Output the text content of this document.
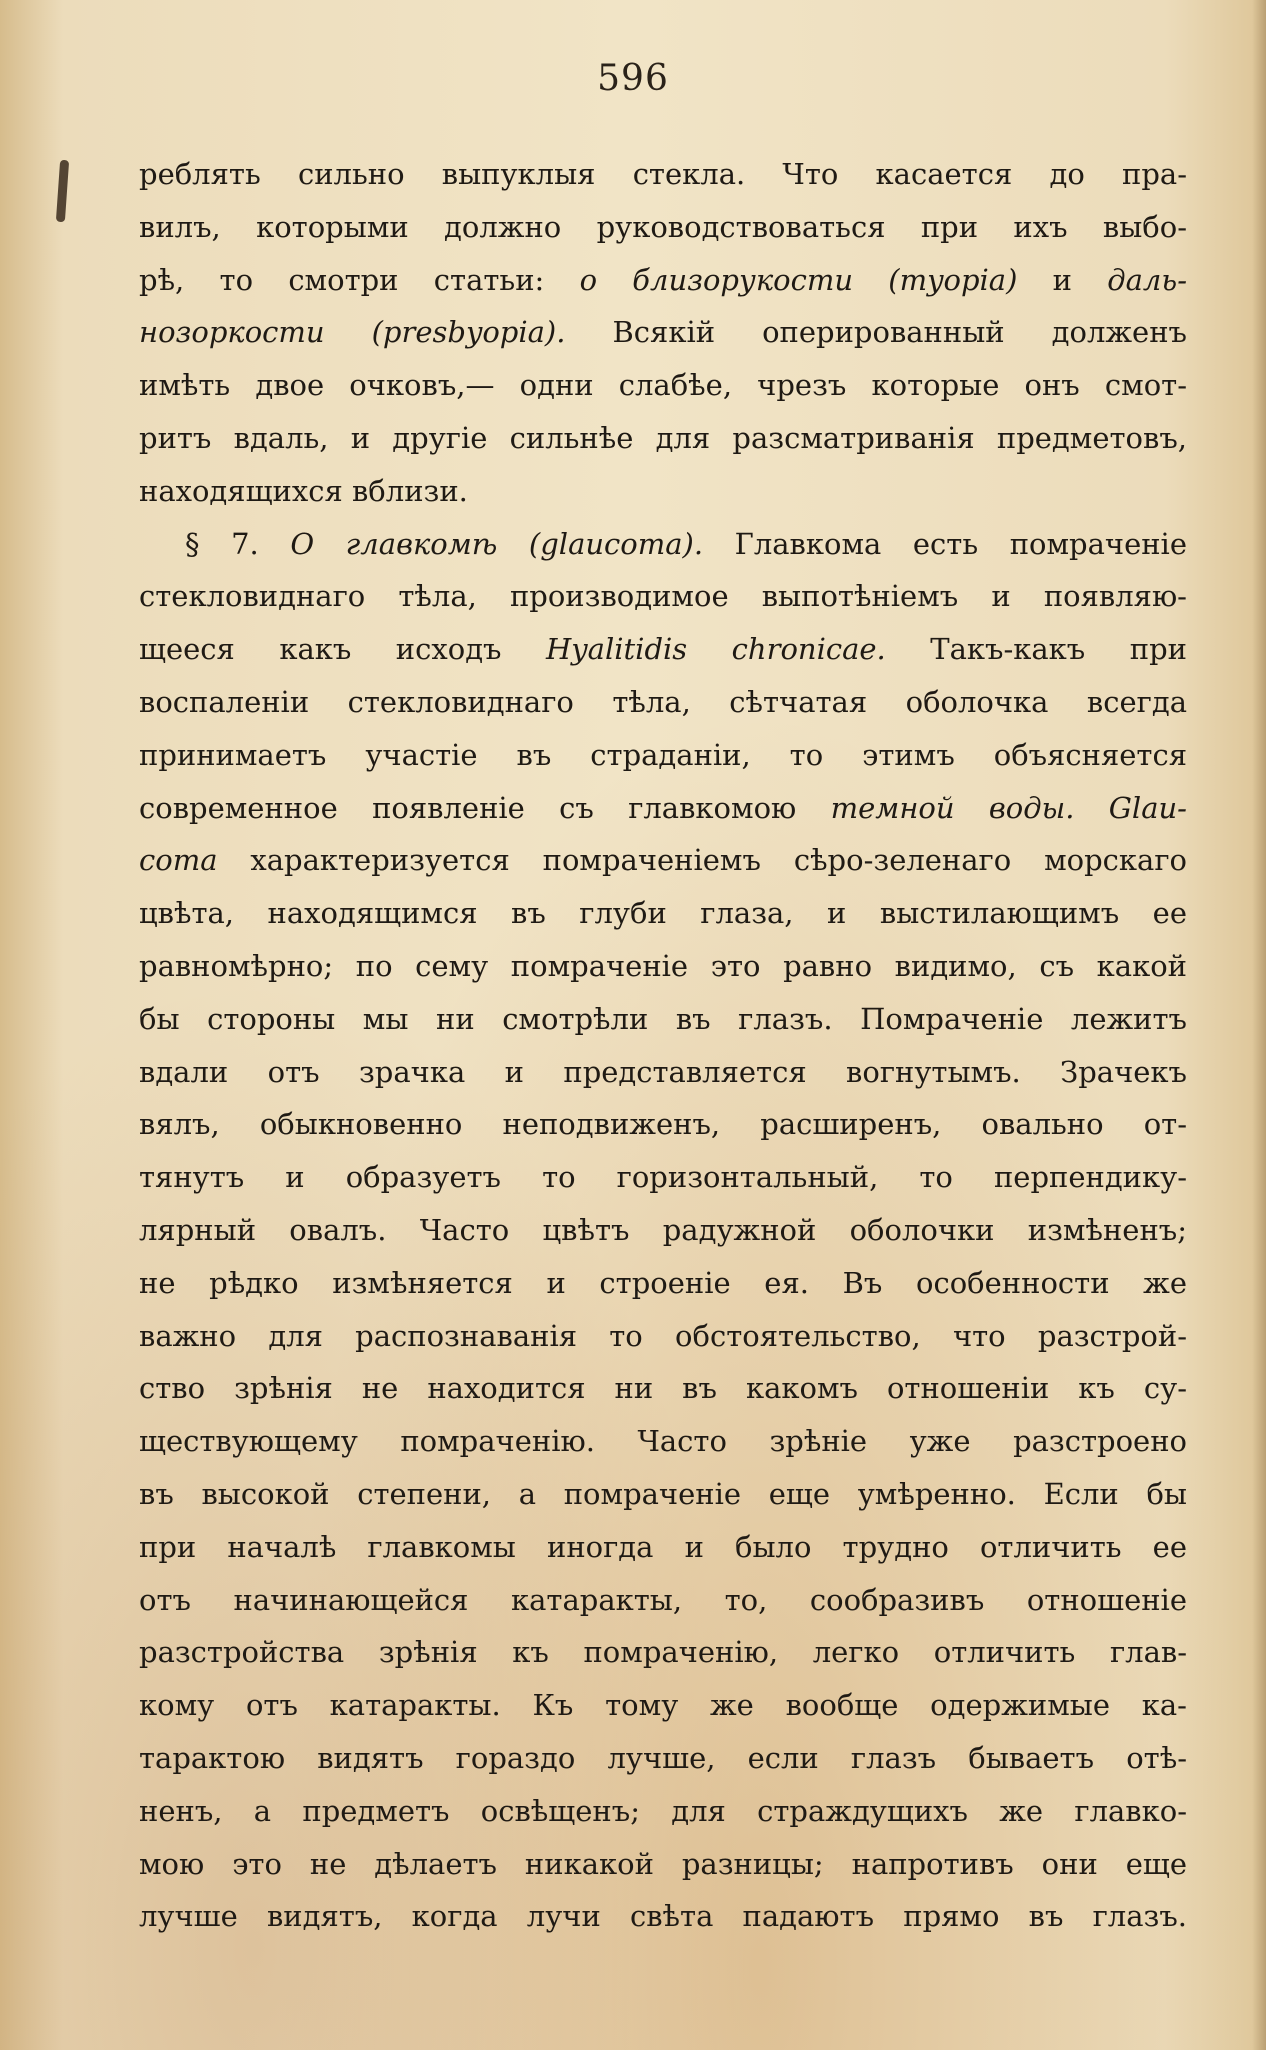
596
реблять сильно выпуклыя стекла. Что касается до пра-
вилъ, которыми должно руководствоваться при ихъ выбо-
рѣ, то смотри статьи: о близорукости (myopia) и даль-
нозоркости (presbyopia). Всякій оперированный долженъ
имѣть двое очковъ,— одни слабѣе, чрезъ которые онъ смот-
ритъ вдаль, и другіе сильнѣе для разсматриванія предметовъ,
находящихся вблизи.
§ 7. О главкомѣ (glaucoma). Главкома есть помраченіе
стекловиднаго тѣла, производимое выпотѣніемъ и появляю-
щееся какъ исходъ Hyalitidis chronicae. Такъ-какъ при
воспаленіи стекловиднаго тѣла, сѣтчатая оболочка всегда
принимаетъ участіе въ страданіи, то этимъ объясняется
современное появленіе съ главкомою темной воды. Glau-
coma характеризуется помраченіемъ сѣро-зеленаго морскаго
цвѣта, находящимся въ глуби глаза, и выстилающимъ ее
равномѣрно; по сему помраченіе это равно видимо, съ какой
бы стороны мы ни смотрѣли въ глазъ. Помраченіе лежитъ
вдали отъ зрачка и представляется вогнутымъ. Зрачекъ
вялъ, обыкновенно неподвиженъ, расширенъ, овально от-
тянутъ и образуетъ то горизонтальный, то перпендику-
лярный овалъ. Часто цвѣтъ радужной оболочки измѣненъ;
не рѣдко измѣняется и строеніе ея. Въ особенности же
важно для распознаванія то обстоятельство, что разстрой-
ство зрѣнія не находится ни въ какомъ отношеніи къ су-
ществующему помраченію. Часто зрѣніе уже разстроено
въ высокой степени, а помраченіе еще умѣренно. Если бы
при началѣ главкомы иногда и было трудно отличить ее
отъ начинающейся катаракты, то, сообразивъ отношеніе
разстройства зрѣнія къ помраченію, легко отличить глав-
кому отъ катаракты. Къ тому же вообще одержимые ка-
тарактою видятъ гораздо лучше, если глазъ бываетъ отѣ-
ненъ, а предметъ освѣщенъ; для страждущихъ же главко-
мою это не дѣлаетъ никакой разницы; напротивъ они еще
лучше видятъ, когда лучи свѣта падаютъ прямо въ глазъ.
